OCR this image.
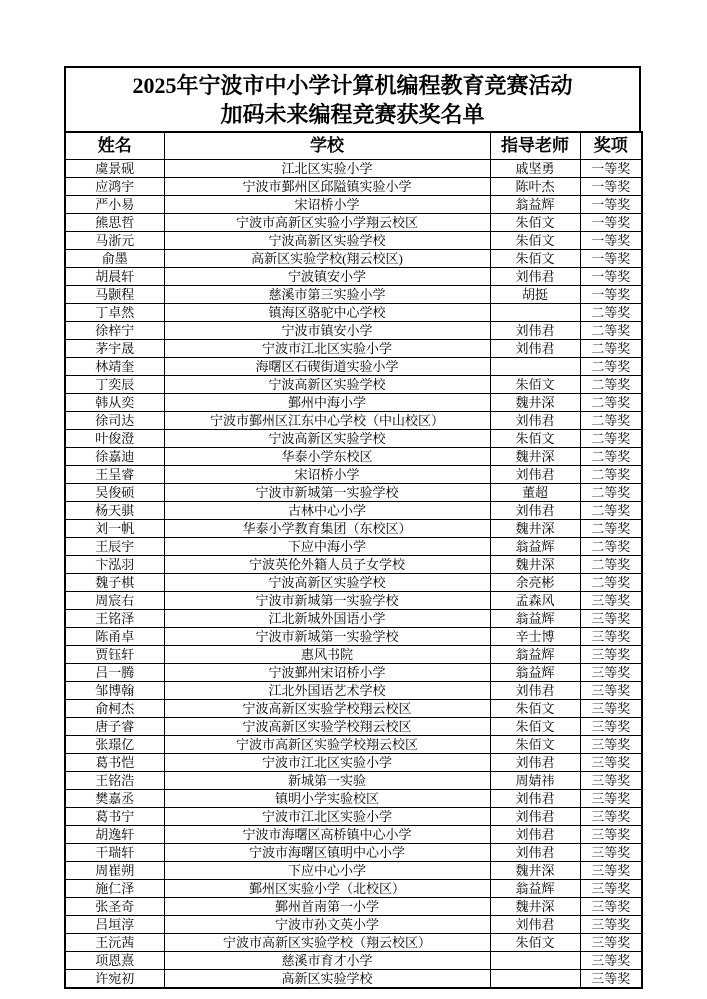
2025年宁波市中小学计算机编程教育竞赛活动
加码未来编程竞赛获奖名单
姓名	学校	指导老师	奖项
虞景砚	江北区实验小学	戚坚勇	一等奖
应鸿宇	宁波市鄞州区邱隘镇实验小学	陈叶杰	一等奖
严小易	宋诏桥小学	翁益辉	一等奖
熊思哲	宁波市高新区实验小学翔云校区	朱佰文	一等奖
马浙元	宁波高新区实验学校	朱佰文	一等奖
俞墨	高新区实验学校(翔云校区)	朱佰文	一等奖
胡晨轩	宁波镇安小学	刘伟君	一等奖
马颢程	慈溪市第三实验小学	胡挺	一等奖
丁卓然	镇海区骆驼中心学校		二等奖
徐梓宁	宁波市镇安小学	刘伟君	二等奖
茅宇晟	宁波市江北区实验小学	刘伟君	二等奖
林靖奎	海曙区石碶街道实验小学		二等奖
丁奕辰	宁波高新区实验学校	朱佰文	二等奖
韩从奕	鄞州中海小学	魏井深	二等奖
徐司达	宁波市鄞州区江东中心学校（中山校区）	刘伟君	二等奖
叶俊澄	宁波高新区实验学校	朱佰文	二等奖
徐嘉迪	华泰小学东校区	魏井深	二等奖
王呈睿	宋诏桥小学	刘伟君	二等奖
吴俊硕	宁波市新城第一实验学校	董超	二等奖
杨天骐	古林中心小学	刘伟君	二等奖
刘一帆	华泰小学教育集团（东校区）	魏井深	二等奖
王辰宇	下应中海小学	翁益辉	二等奖
卞泓羽	宁波英伦外籍人员子女学校	魏井深	二等奖
魏子棋	宁波高新区实验学校	余亮彬	二等奖
周宸右	宁波市新城第一实验学校	孟森风	三等奖
王铭泽	江北新城外国语小学	翁益辉	三等奖
陈甬卓	宁波市新城第一实验学校	辛士博	三等奖
贾钰轩	惠风书院	翁益辉	三等奖
吕一腾	宁波鄞州宋诏桥小学	翁益辉	三等奖
邹博翰	江北外国语艺术学校	刘伟君	三等奖
俞柯杰	宁波高新区实验学校翔云校区	朱佰文	三等奖
唐子睿	宁波高新区实验学校翔云校区	朱佰文	三等奖
张璟亿	宁波市高新区实验学校翔云校区	朱佰文	三等奖
葛书恺	宁波市江北区实验小学	刘伟君	三等奖
王铭浩	新城第一实验	周婧祎	三等奖
樊嘉丞	镇明小学实验校区	刘伟君	三等奖
葛书宁	宁波市江北区实验小学	刘伟君	三等奖
胡逸轩	宁波市海曙区高桥镇中心小学	刘伟君	三等奖
干瑞轩	宁波市海曙区镇明中心小学	刘伟君	三等奖
周崔朔	下应中心小学	魏井深	三等奖
施仁泽	鄞州区实验小学（北校区）	翁益辉	三等奖
张圣奇	鄞州首南第一小学	魏井深	三等奖
吕垣淳	宁波市孙文英小学	刘伟君	三等奖
王沅茜	宁波市高新区实验学校（翔云校区）	朱佰文	三等奖
项恩熹	慈溪市育才小学		三等奖
许宛初	高新区实验学校		三等奖
